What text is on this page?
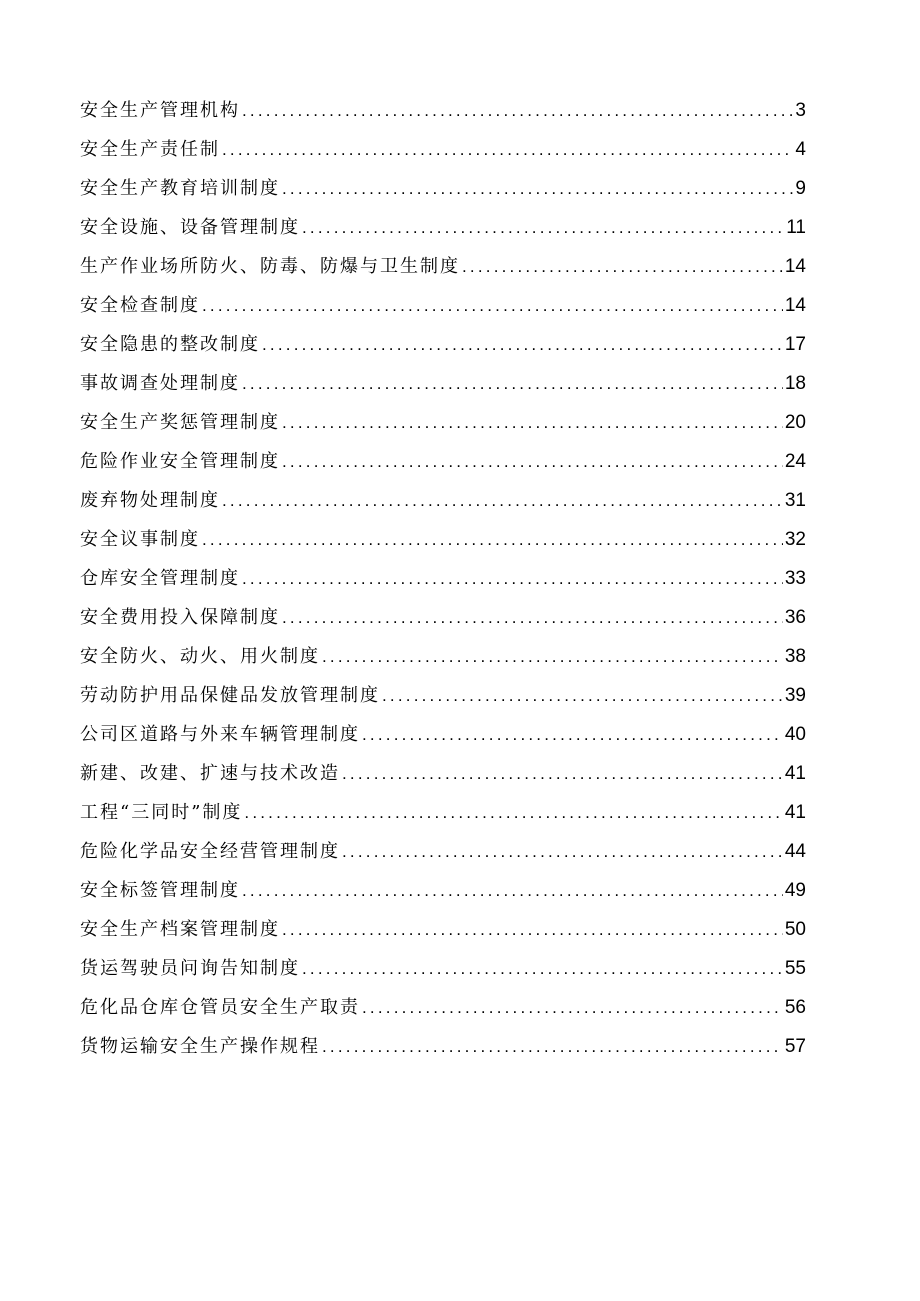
安全生产管理机构 .....	3
安全生产责任制 .....	4
安全生产教育培训制度 .....	9
安全设施、设备管理制度 .....	11
生产作业场所防火、防毒、防爆与卫生制度 .....	14
安全检查制度 .....	14
安全隐患的整改制度 .....	17
事故调查处理制度 .....	18
安全生产奖惩管理制度 .....	20
危险作业安全管理制度 .....	24
废弃物处理制度 .....	31
安全议事制度 .....	32
仓库安全管理制度 .....	33
安全费用投入保障制度 .....	36
安全防火、动火、用火制度 .....	38
劳动防护用品保健品发放管理制度 .....	39
公司区道路与外来车辆管理制度 .....	40
新建、改建、扩速与技术改造 .....	41
工程“三同时”制度 .....	41
危险化学品安全经营管理制度 .....	44
安全标签管理制度 .....	49
安全生产档案管理制度 .....	50
货运驾驶员问询告知制度 .....	55
危化品仓库仓管员安全生产取责 .....	56
货物运输安全生产操作规程 .....	57
